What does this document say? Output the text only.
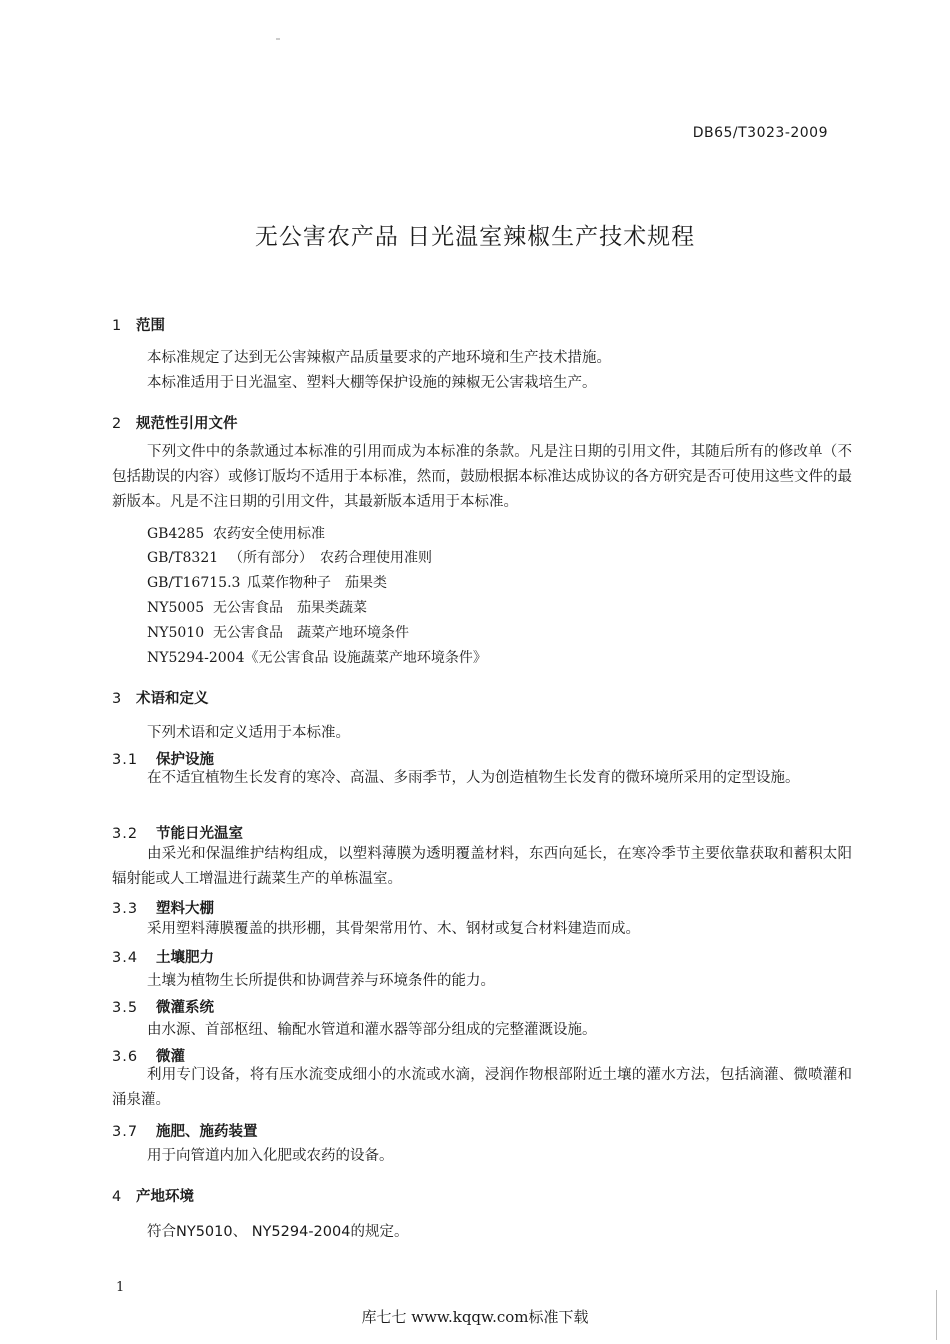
DB65/T3023-2009
无公害农产品 日光温室辣椒生产技术规程
1 范围
本标准规定了达到无公害辣椒产品质量要求的产地环境和生产技术措施。
本标准适用于日光温室、塑料大棚等保护设施的辣椒无公害栽培生产。
2 规范性引用文件
下列文件中的条款通过本标准的引用而成为本标准的条款。凡是注日期的引用文件，其随后所有的修改单（不包括勘误的内容）或修订版均不适用于本标准，然而，鼓励根据本标准达成协议的各方研究是否可使用这些文件的最新版本。凡是不注日期的引用文件，其最新版本适用于本标准。
GB4285 农药安全使用标准
GB/T8321 （所有部分）　农药合理使用准则
GB/T16715.3 瓜菜作物种子　茄果类
NY5005 无公害食品　茄果类蔬菜
NY5010 无公害食品　蔬菜产地环境条件
NY5294-2004《无公害食品 设施蔬菜产地环境条件》
3 术语和定义
下列术语和定义适用于本标准。
3.1 保护设施
在不适宜植物生长发育的寒冷、高温、多雨季节，人为创造植物生长发育的微环境所采用的定型设施。
3.2 节能日光温室
由采光和保温维护结构组成，以塑料薄膜为透明覆盖材料，东西向延长，在寒冷季节主要依靠获取和蓄积太阳辐射能或人工增温进行蔬菜生产的单栋温室。
3.3 塑料大棚
采用塑料薄膜覆盖的拱形棚，其骨架常用竹、木、钢材或复合材料建造而成。
3.4 土壤肥力
土壤为植物生长所提供和协调营养与环境条件的能力。
3.5 微灌系统
由水源、首部枢纽、输配水管道和灌水器等部分组成的完整灌溉设施。
3.6 微灌
利用专门设备，将有压水流变成细小的水流或水滴，浸润作物根部附近土壤的灌水方法，包括滴灌、微喷灌和涌泉灌。
3.7 施肥、施药装置
用于向管道内加入化肥或农药的设备。
4 产地环境
符合NY5010、 NY5294-2004的规定。
1
库七七 www.kqqw.com标准下载
